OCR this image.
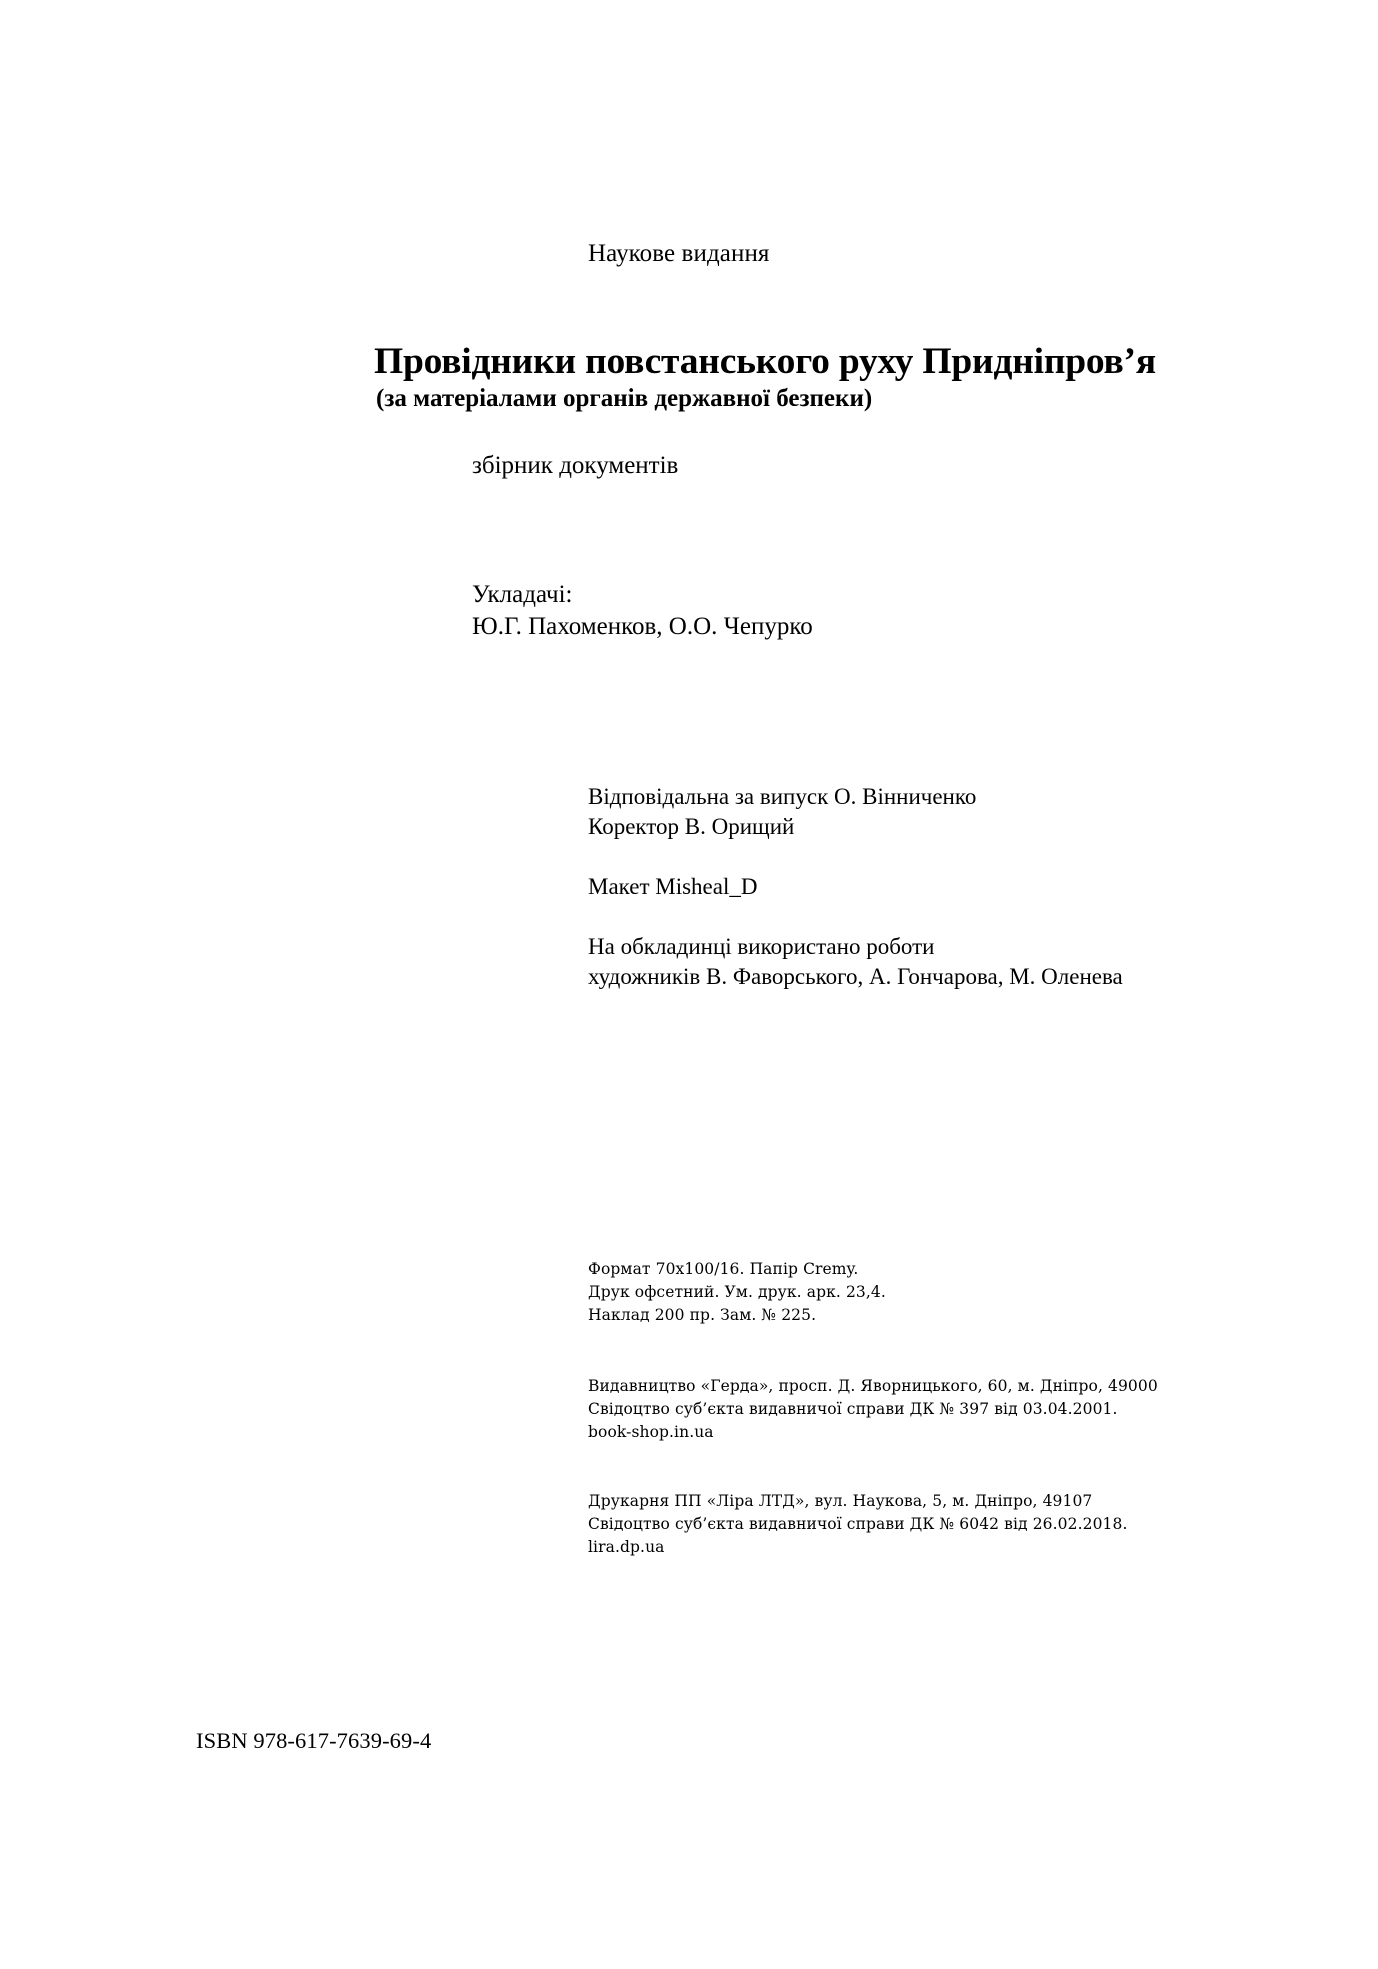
Наукове видання
Провідники повстанського руху Придніпров’я
(за матеріалами органів державної безпеки)
збірник документів
Укладачі:
Ю.Г. Пахоменков, О.О. Чепурко
Відповідальна за випуск О. Вінниченко
Коректор В. Орищий
Макет Misheal_D
На обкладинці використано роботи
художників В. Фаворського, А. Гончарова, М. Оленева
Формат 70x100/16. Папір Cremy.
Друк офсетний. Ум. друк. арк. 23,4.
Наклад 200 пр. Зам. № 225.
Видавництво «Герда», просп. Д. Яворницького, 60, м. Дніпро, 49000
Свідоцтво суб’єкта видавничої справи ДК № 397 від 03.04.2001.
book-shop.in.ua
Друкарня ПП «Ліра ЛТД», вул. Наукова, 5, м. Дніпро, 49107
Свідоцтво суб’єкта видавничої справи ДК № 6042 від 26.02.2018.
lira.dp.ua
ISBN 978-617-7639-69-4
